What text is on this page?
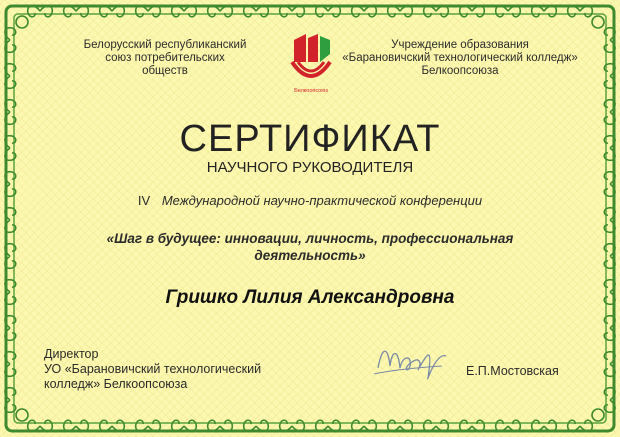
Белкоопсоюз
Белорусский республиканский
союз потребительских
обществ
Учреждение образования
«Барановичский технологический колледж»
Белкоопсоюза
СЕРТИФИКАТ
НАУЧНОГО РУКОВОДИТЕЛЯ
IV Международной научно-практической конференции
«Шаг в будущее: инновации, личность, профессиональная
деятельность»
Гришко Лилия Александровна
Директор
УО «Барановичский технологический
колледж» Белкоопсоюза
Е.П.Мостовская
